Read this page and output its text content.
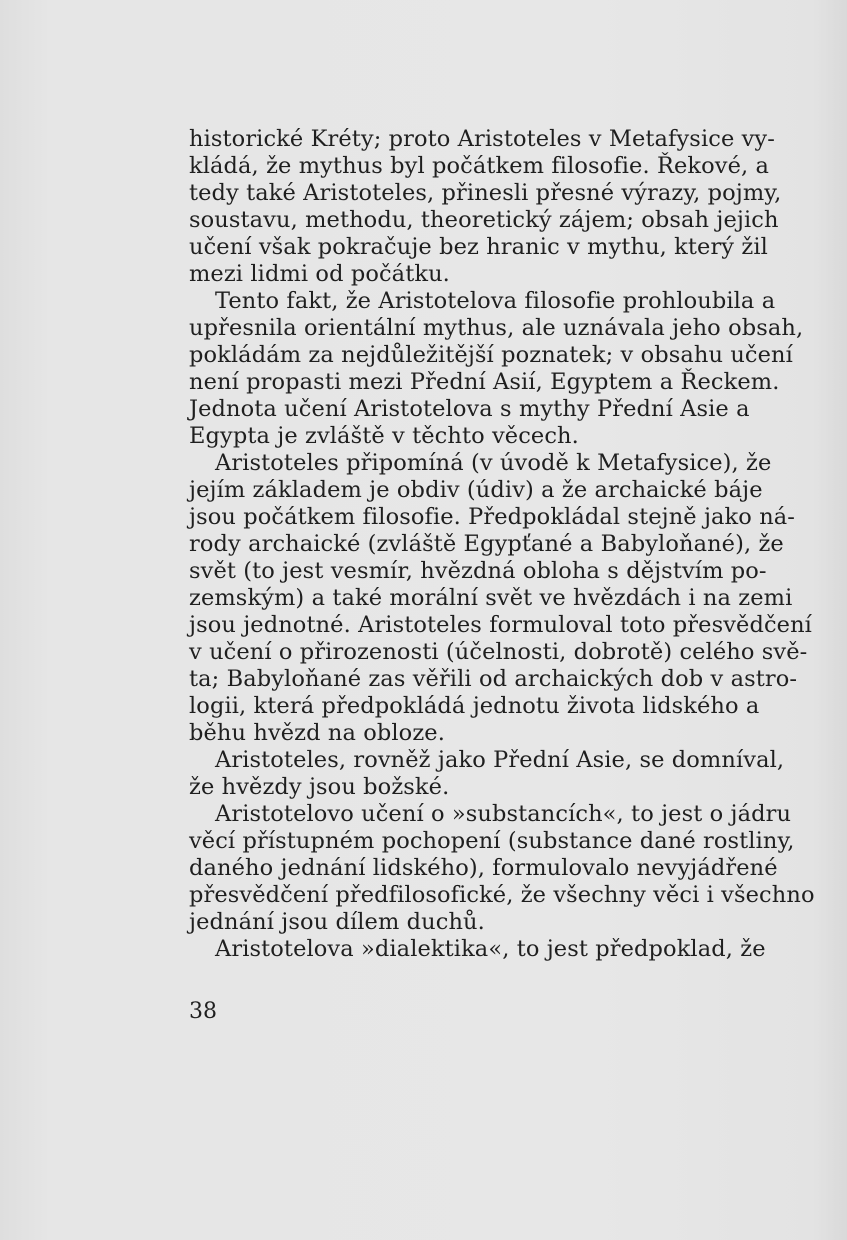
historické Kréty; proto Aristoteles v Metafysice vy-
kládá, že mythus byl počátkem filosofie. Řekové, a
tedy také Aristoteles, přinesli přesné výrazy, pojmy,
soustavu, methodu, theoretický zájem; obsah jejich
učení však pokračuje bez hranic v mythu, který žil
mezi lidmi od počátku.
Tento fakt, že Aristotelova filosofie prohloubila a
upřesnila orientální mythus, ale uznávala jeho obsah,
pokládám za nejdůležitější poznatek; v obsahu učení
není propasti mezi Přední Asií, Egyptem a Řeckem.
Jednota učení Aristotelova s mythy Přední Asie a
Egypta je zvláště v těchto věcech.
Aristoteles připomíná (v úvodě k Metafysice), že
jejím základem je obdiv (údiv) a že archaické báje
jsou počátkem filosofie. Předpokládal stejně jako ná-
rody archaické (zvláště Egypťané a Babyloňané), že
svět (to jest vesmír, hvězdná obloha s dějstvím po-
zemským) a také morální svět ve hvězdách i na zemi
jsou jednotné. Aristoteles formuloval toto přesvědčení
v učení o přirozenosti (účelnosti, dobrotě) celého svě-
ta; Babyloňané zas věřili od archaických dob v astro-
logii, která předpokládá jednotu života lidského a
běhu hvězd na obloze.
Aristoteles, rovněž jako Přední Asie, se domníval,
že hvězdy jsou božské.
Aristotelovo učení o »substancích«, to jest o jádru
věcí přístupném pochopení (substance dané rostliny,
daného jednání lidského), formulovalo nevyjádřené
přesvědčení předfilosofické, že všechny věci i všechno
jednání jsou dílem duchů.
Aristotelova »dialektika«, to jest předpoklad, že
38
